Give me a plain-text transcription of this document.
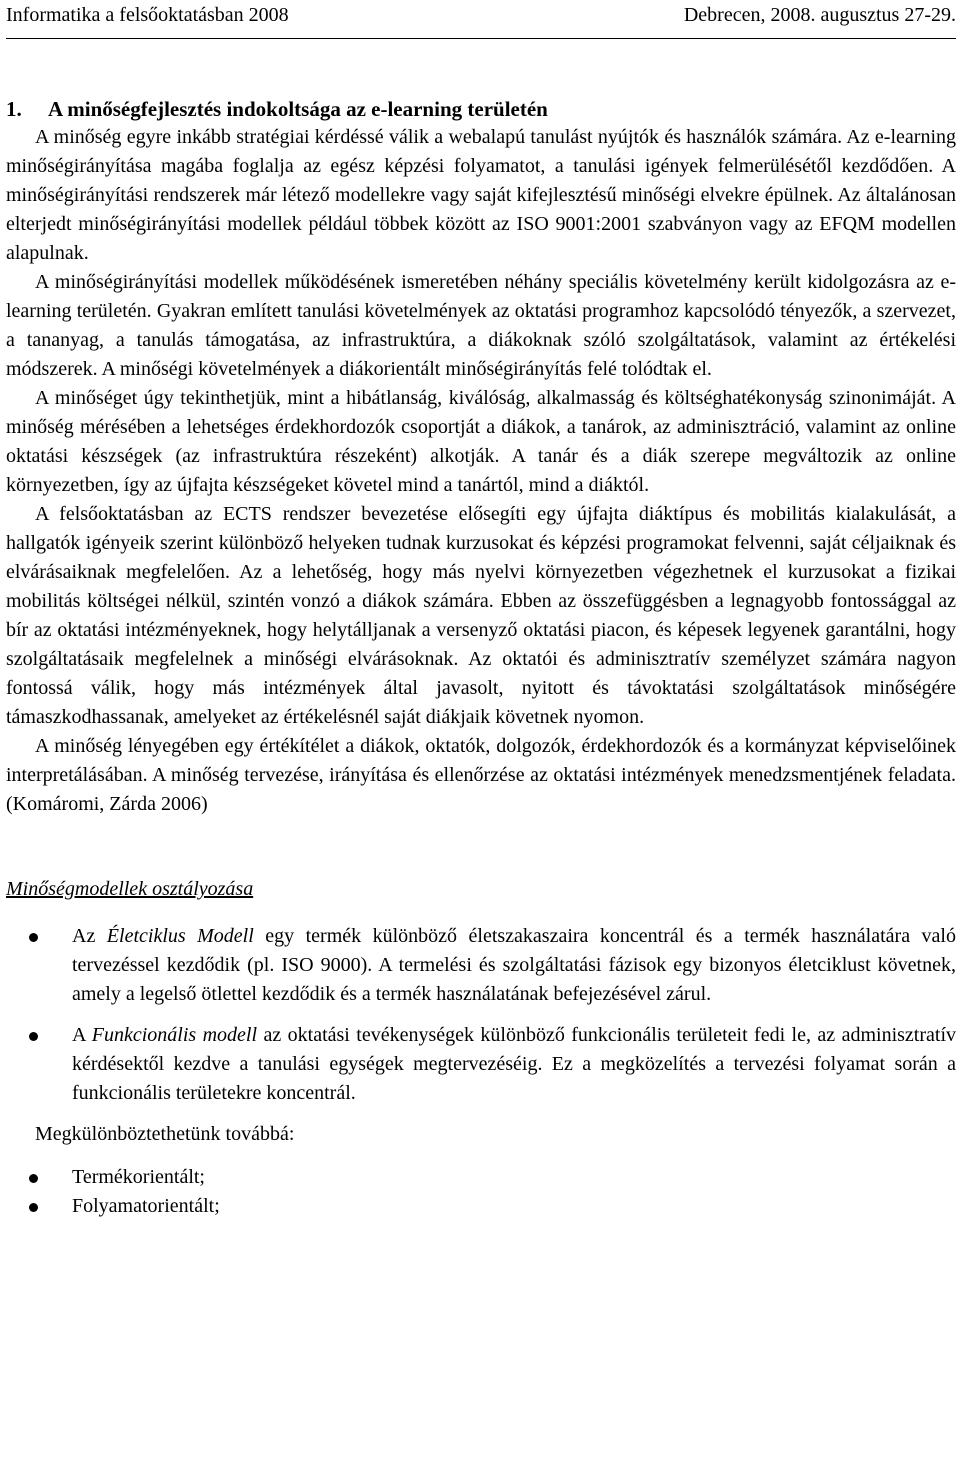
Informatika a felsőoktatásban 2008	Debrecen, 2008. augusztus 27-29.
1. A minőségfejlesztés indokoltsága az e-learning területén

A minőség egyre inkább stratégiai kérdéssé válik a webalapú tanulást nyújtók és használók számára. Az e-learning minőségirányítása magába foglalja az egész képzési folyamatot, a tanulási igények felmerülésétől kezdődően. A minőségirányítási rendszerek már létező modellekre vagy saját kifejlesztésű minőségi elvekre épülnek. Az általánosan elterjedt minőségirányítási modellek például többek között az ISO 9001:2001 szabványon vagy az EFQM modellen alapulnak.

A minőségirányítási modellek működésének ismeretében néhány speciális követelmény került kidolgozásra az e-learning területén. Gyakran említett tanulási követelmények az oktatási programhoz kapcsolódó tényezők, a szervezet, a tananyag, a tanulás támogatása, az infrastruktúra, a diákoknak szóló szolgáltatások, valamint az értékelési módszerek. A minőségi követelmények a diákorientált minőségirányítás felé tolódtak el.

A minőséget úgy tekinthetjük, mint a hibátlanság, kiválóság, alkalmasság és költséghatékonyság szinonimáját. A minőség mérésében a lehetséges érdekhordozók csoportját a diákok, a tanárok, az adminisztráció, valamint az online oktatási készségek (az infrastruktúra részeként) alkotják. A tanár és a diák szerepe megváltozik az online környezetben, így az újfajta készségeket követel mind a tanártól, mind a diáktól.

A felsőoktatásban az ECTS rendszer bevezetése elősegíti egy újfajta diáktípus és mobilitás kialakulását, a hallgatók igényeik szerint különböző helyeken tudnak kurzusokat és képzési programokat felvenni, saját céljaiknak és elvárásaiknak megfelelően. Az a lehetőség, hogy más nyelvi környezetben végezhetnek el kurzusokat a fizikai mobilitás költségei nélkül, szintén vonzó a diákok számára. Ebben az összefüggésben a legnagyobb fontossággal az bír az oktatási intézményeknek, hogy helytálljanak a versenyző oktatási piacon, és képesek legyenek garantálni, hogy szolgáltatásaik megfelelnek a minőségi elvárásoknak. Az oktatói és adminisztratív személyzet számára nagyon fontossá válik, hogy más intézmények által javasolt, nyitott és távoktatási szolgáltatások minőségére támaszkodhassanak, amelyeket az értékelésnél saját diákjaik követnek nyomon.

A minőség lényegében egy értékítélet a diákok, oktatók, dolgozók, érdekhordozók és a kormányzat képviselőinek interpretálásában. A minőség tervezése, irányítása és ellenőrzése az oktatási intézmények menedzsmentjének feladata. (Komáromi, Zárda 2006)

Minőségmodellek osztályozása
Az Életciklus Modell egy termék különböző életszakaszaira koncentrál és a termék használatára való tervezéssel kezdődik (pl. ISO 9000). A termelési és szolgáltatási fázisok egy bizonyos életciklust követnek, amely a legelső ötlettel kezdődik és a termék használatának befejezésével zárul.
A Funkcionális modell az oktatási tevékenységek különböző funkcionális területeit fedi le, az adminisztratív kérdésektől kezdve a tanulási egységek megtervezéséig. Ez a megközelítés a tervezési folyamat során a funkcionális területekre koncentrál.
Megkülönböztethetünk továbbá:
Termékorientált;
Folyamatorientált;
